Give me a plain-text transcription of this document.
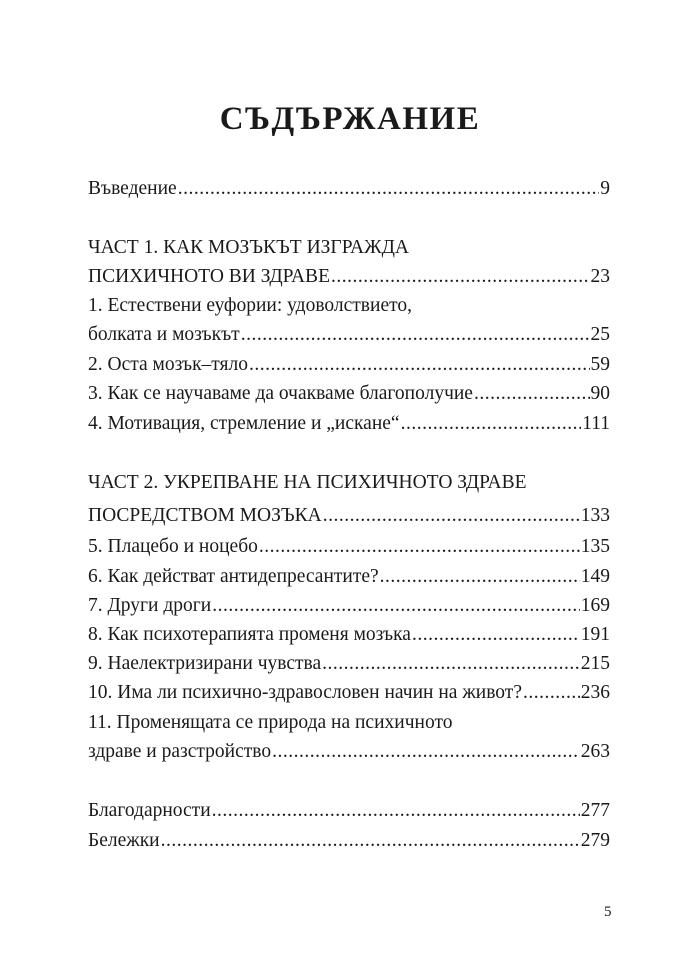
СЪДЪРЖАНИЕ
Въведение .....	9
ЧАСТ 1. КАК МОЗЪКЪТ ИЗГРАЖДА
ПСИХИЧНОТО ВИ ЗДРАВЕ .....	23
1. Естествени еуфории: удоволствието,
болката и мозъкът .....	25
2. Оста мозък–тяло .....	59
3. Как се научаваме да очакваме благополучие .....	90
4. Мотивация, стремление и „искане“ .....	111
ЧАСТ 2. УКРЕПВАНЕ НА ПСИХИЧНОТО ЗДРАВЕ
ПОСРЕДСТВОМ МОЗЪКА .....	133
5. Плацебо и ноцебо .....	135
6. Как действат антидепресантите? .....	149
7. Други дроги .....	169
8. Как психотерапията променя мозъка .....	191
9. Наелектризирани чувства .....	215
10. Има ли психично-здравословен начин на живот? .....	236
11. Променящата се природа на психичното
здраве и разстройство .....	263
Благодарности .....	277
Бележки .....	279
5
